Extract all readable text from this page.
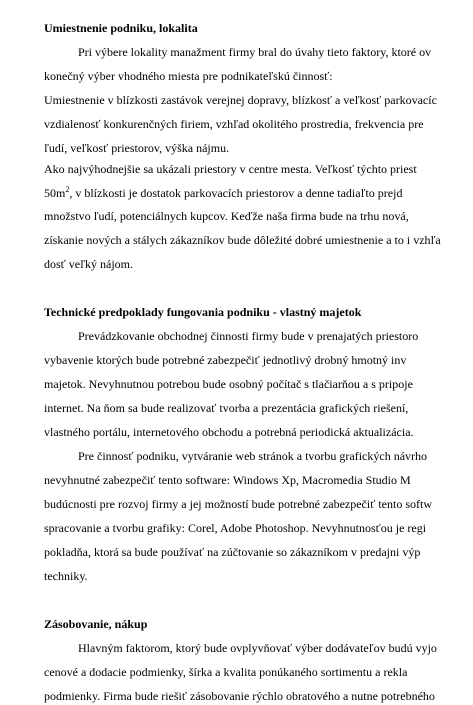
Umiestnenie podniku, lokalita

Pri výbere lokality manažment firmy bral do úvahy tieto faktory, ktoré ov

konečný výber vhodného miesta pre podnikateľskú činnosť:

Umiestnenie v blízkosti zastávok verejnej dopravy, blízkosť a veľkosť parkovacíc

vzdialenosť konkurenčných firiem, vzhľad okolitého prostredia, frekvencia pre

ľudí, veľkosť priestorov, výška nájmu.

Ako najvýhodnejšie sa ukázali priestory v centre mesta. Veľkosť týchto priest

$50m^2$, v blízkosti je dostatok parkovacích priestorov a denne tadiaľto prejd

množstvo ľudí, potenciálnych kupcov. Keďže naša firma bude na trhu nová,

získanie nových a stálych zákazníkov bude dôležité dobré umiestnenie a to i vzhľa

dosť veľký nájom.

Technické predpoklady fungovania podniku - vlastný majetok

Prevádzkovanie obchodnej činnosti firmy bude v prenajatých priestoro

vybavenie ktorých bude potrebné zabezpečiť jednotlivý drobný hmotný inv

majetok. Nevyhnutnou potrebou bude osobný počítač s tlačiarňou a s pripoje

internet. Na ňom sa bude realizovať tvorba a prezentácia grafických riešení,

vlastného portálu, internetového obchodu a potrebná periodická aktualizácia.

Pre činnosť podniku, vytváranie web stránok a tvorbu grafických návrho

nevyhnutné zabezpečiť tento software: Windows Xp, Macromedia Studio M

budúcnosti pre rozvoj firmy a jej možností bude potrebné zabezpečiť tento softw

spracovanie a tvorbu grafiky: Corel, Adobe Photoshop. Nevyhnutnosťou je regi

pokladňa, ktorá sa bude používať na zúčtovanie so zákazníkom v predajni výp

techniky.

Zásobovanie, nákup

Hlavným faktorom, ktorý bude ovplyvňovať výber dodávateľov budú vyjo

cenové a dodacie podmienky, šírka a kvalita ponúkaného sortimentu a rekla

podmienky. Firma bude riešiť zásobovanie rýchlo obratového a nutne potrebného
